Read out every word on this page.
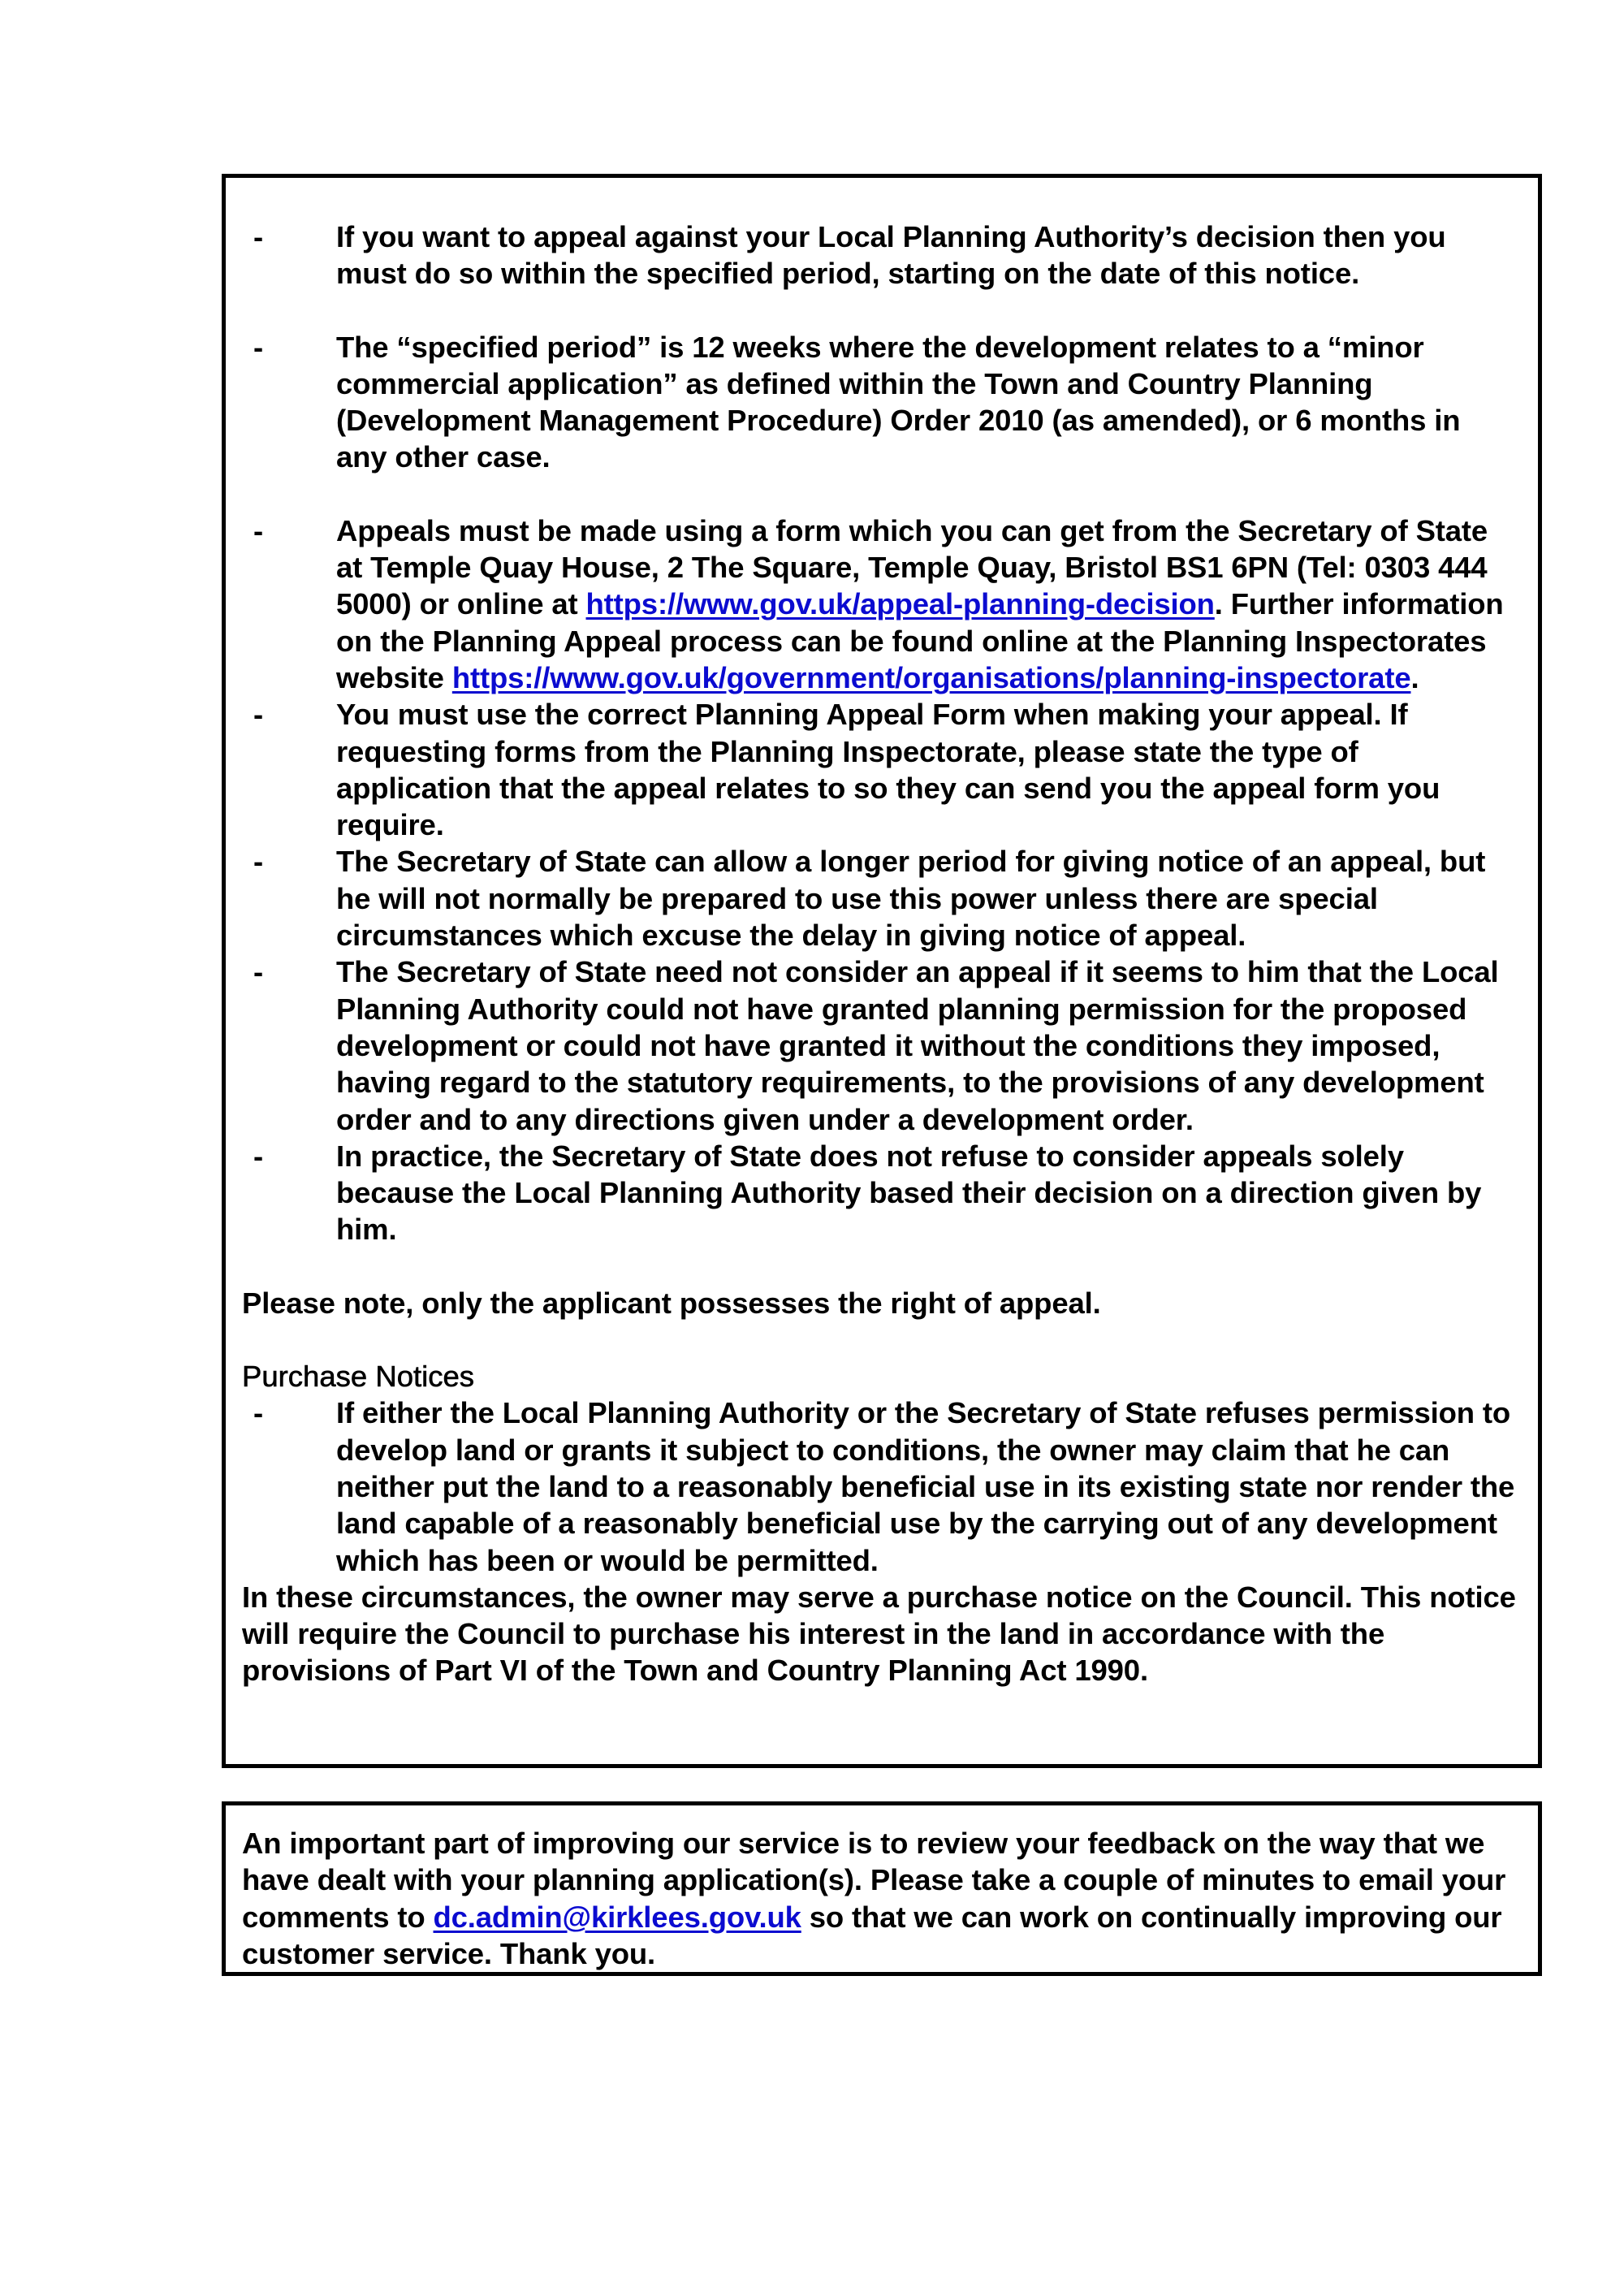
-	If you want to appeal against your Local Planning Authority’s decision then you must do so within the specified period, starting on the date of this notice.
-	The “specified period” is 12 weeks where the development relates to a “minor commercial application” as defined within the Town and Country Planning (Development Management Procedure) Order 2010 (as amended), or 6 months in any other case.
-	Appeals must be made using a form which you can get from the Secretary of State at Temple Quay House, 2 The Square, Temple Quay, Bristol BS1 6PN (Tel: 0303 444 5000) or online at https://www.gov.uk/appeal-planning-decision. Further information on the Planning Appeal process can be found online at the Planning Inspectorates website https://www.gov.uk/government/organisations/planning-inspectorate.
-	You must use the correct Planning Appeal Form when making your appeal. If requesting forms from the Planning Inspectorate, please state the type of application that the appeal relates to so they can send you the appeal form you require.
-	The Secretary of State can allow a longer period for giving notice of an appeal, but he will not normally be prepared to use this power unless there are special circumstances which excuse the delay in giving notice of appeal.
-	The Secretary of State need not consider an appeal if it seems to him that the Local Planning Authority could not have granted planning permission for the proposed development or could not have granted it without the conditions they imposed, having regard to the statutory requirements, to the provisions of any development order and to any directions given under a development order.
-	In practice, the Secretary of State does not refuse to consider appeals solely because the Local Planning Authority based their decision on a direction given by him.
Please note, only the applicant possesses the right of appeal.
Purchase Notices
-	If either the Local Planning Authority or the Secretary of State refuses permission to develop land or grants it subject to conditions, the owner may claim that he can neither put the land to a reasonably beneficial use in its existing state nor render the land capable of a reasonably beneficial use by the carrying out of any development which has been or would be permitted.
In these circumstances, the owner may serve a purchase notice on the Council. This notice will require the Council to purchase his interest in the land in accordance with the provisions of Part VI of the Town and Country Planning Act 1990.
An important part of improving our service is to review your feedback on the way that we have dealt with your planning application(s). Please take a couple of minutes to email your comments to dc.admin@kirklees.gov.uk so that we can work on continually improving our customer service. Thank you.
